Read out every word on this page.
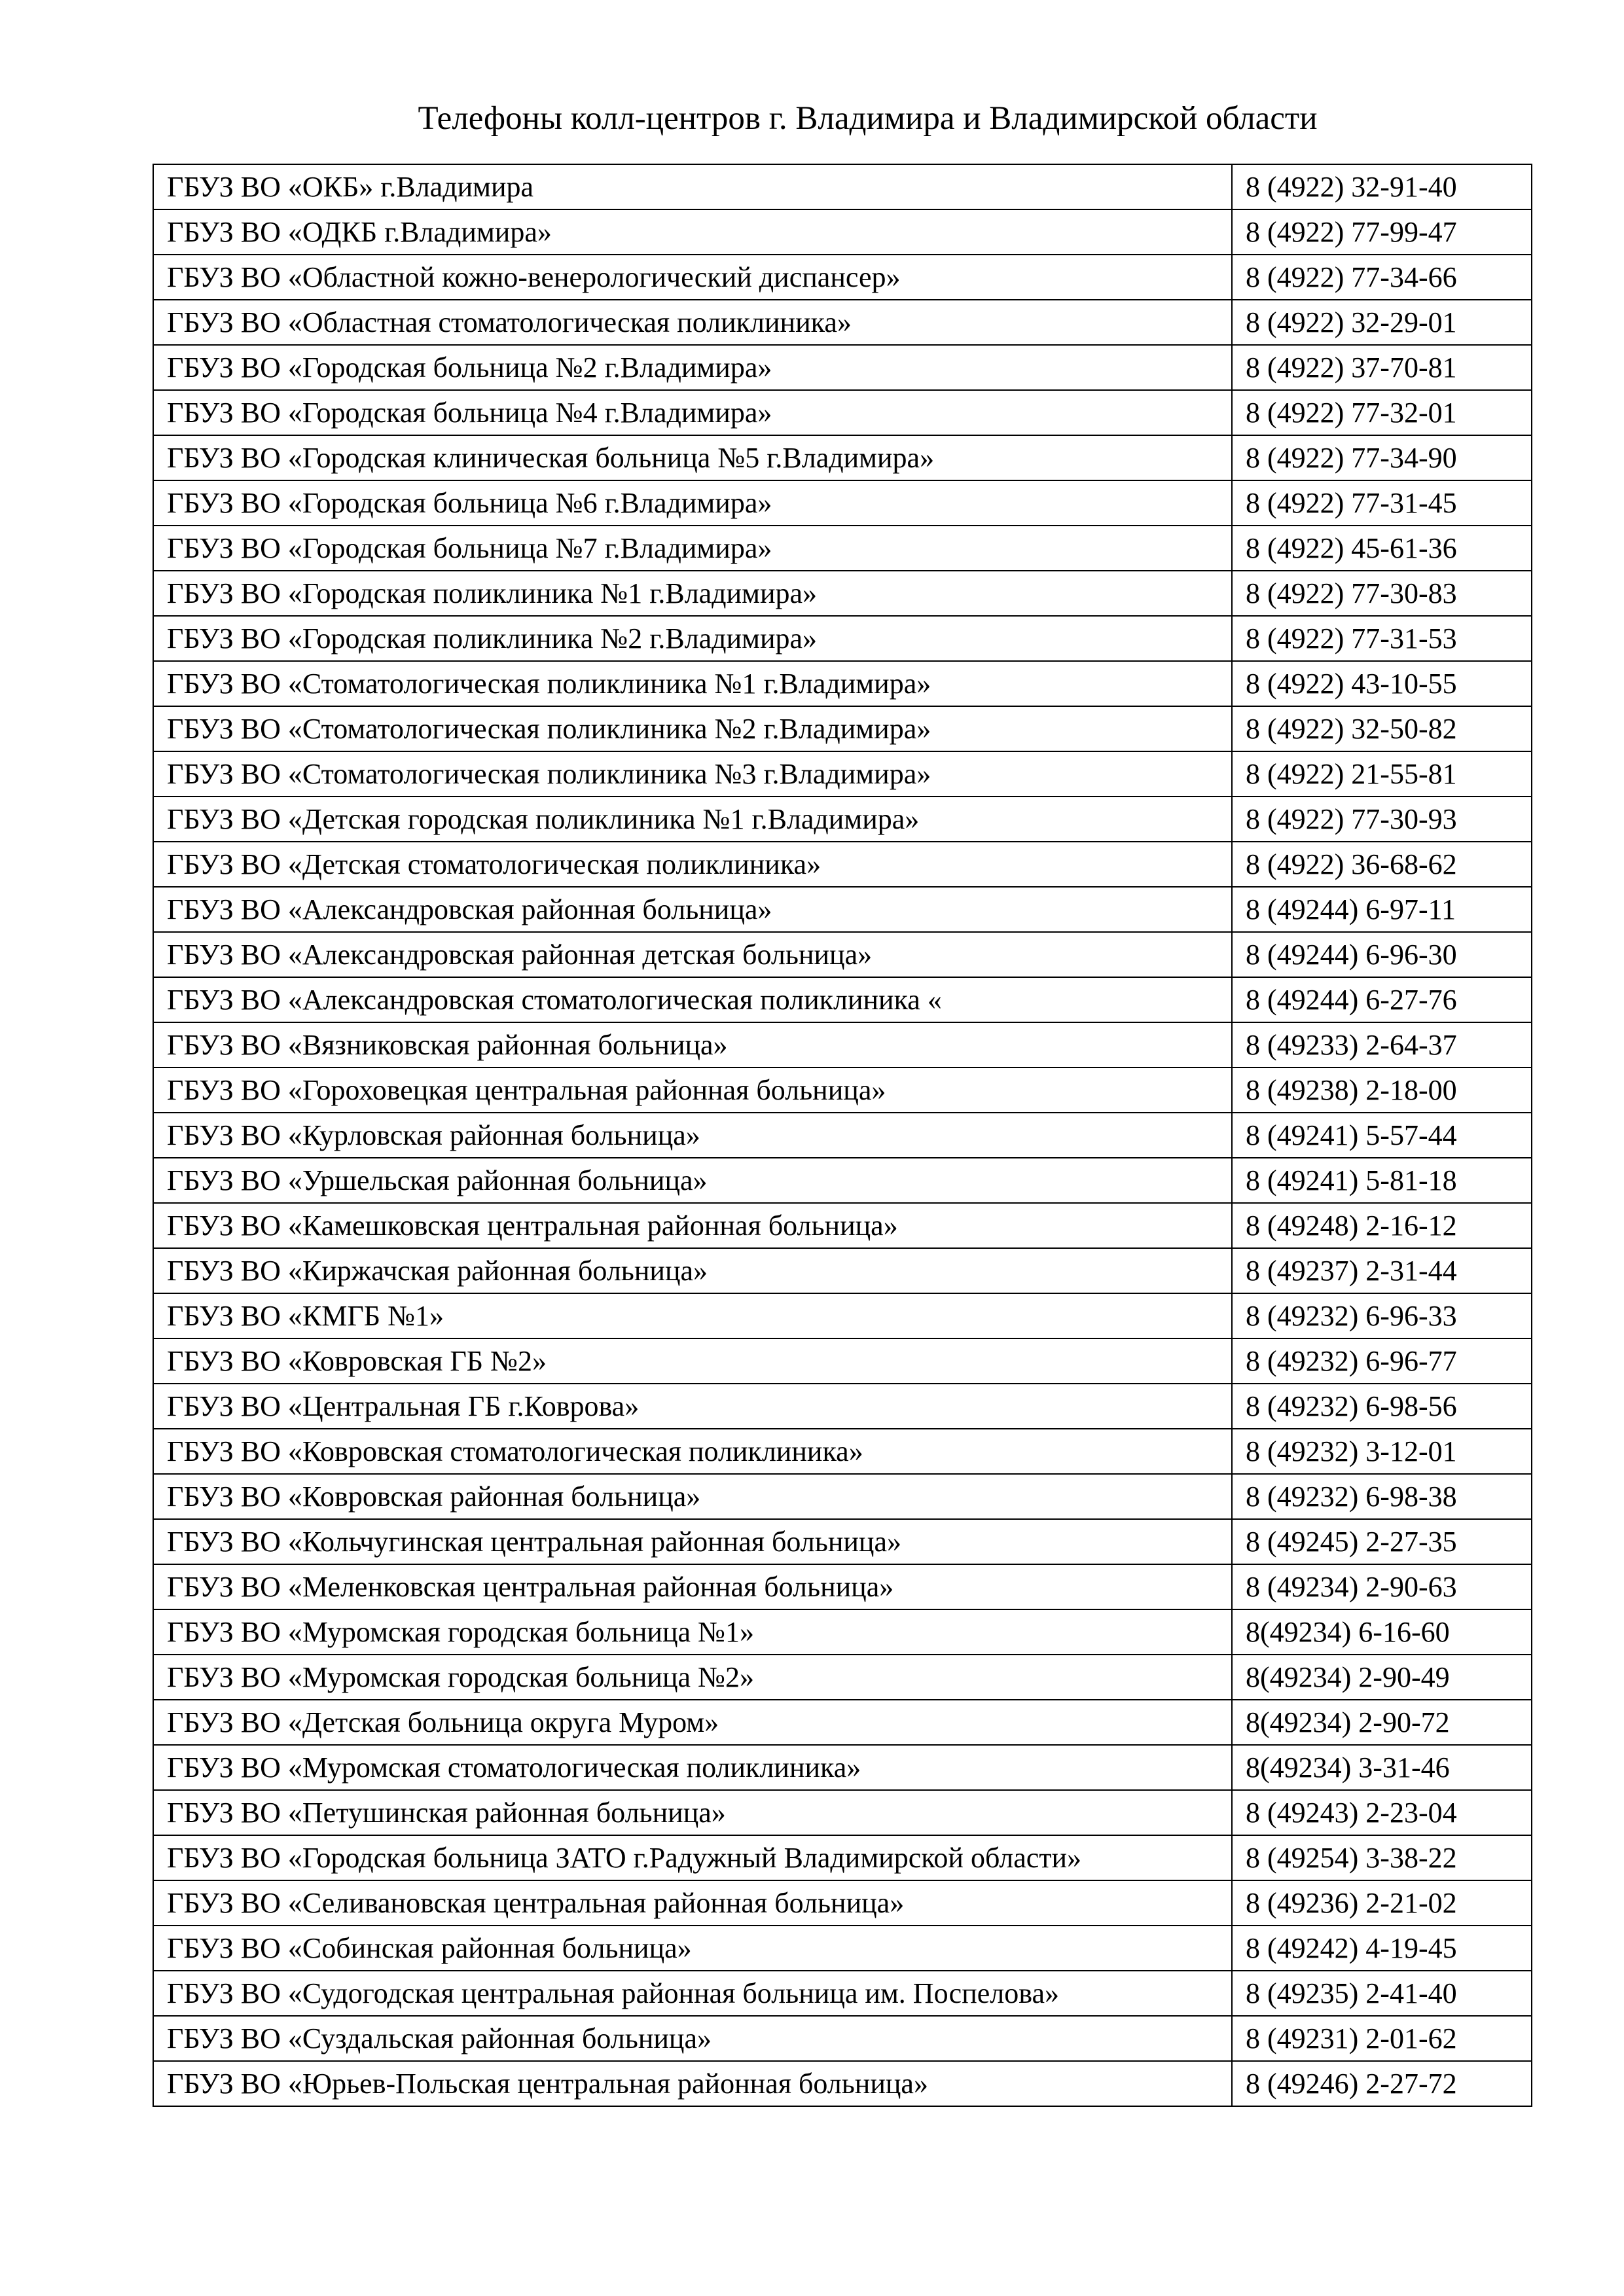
Телефоны колл-центров г. Владимира и Владимирской области
ГБУЗ ВО «ОКБ» г.Владимира	8 (4922) 32-91-40
ГБУЗ ВО «ОДКБ г.Владимира»	8 (4922) 77-99-47
ГБУЗ ВО «Областной кожно-венерологический диспансер»	8 (4922) 77-34-66
ГБУЗ ВО «Областная стоматологическая поликлиника»	8 (4922) 32-29-01
ГБУЗ ВО «Городская больница №2 г.Владимира»	8 (4922) 37-70-81
ГБУЗ ВО «Городская больница №4 г.Владимира»	8 (4922) 77-32-01
ГБУЗ ВО «Городская клиническая больница №5 г.Владимира»	8 (4922) 77-34-90
ГБУЗ ВО «Городская больница №6 г.Владимира»	8 (4922) 77-31-45
ГБУЗ ВО «Городская больница №7 г.Владимира»	8 (4922) 45-61-36
ГБУЗ ВО «Городская поликлиника №1 г.Владимира»	8 (4922) 77-30-83
ГБУЗ ВО «Городская поликлиника №2 г.Владимира»	8 (4922) 77-31-53
ГБУЗ ВО «Стоматологическая поликлиника №1 г.Владимира»	8 (4922) 43-10-55
ГБУЗ ВО «Стоматологическая поликлиника №2 г.Владимира»	8 (4922) 32-50-82
ГБУЗ ВО «Стоматологическая поликлиника №3 г.Владимира»	8 (4922) 21-55-81
ГБУЗ ВО «Детская городская поликлиника №1 г.Владимира»	8 (4922) 77-30-93
ГБУЗ ВО «Детская стоматологическая поликлиника»	8 (4922) 36-68-62
ГБУЗ ВО «Александровская районная больница»	8 (49244) 6-97-11
ГБУЗ ВО «Александровская районная детская больница»	8 (49244) 6-96-30
ГБУЗ ВО «Александровская стоматологическая поликлиника «	8 (49244) 6-27-76
ГБУЗ ВО «Вязниковская районная больница»	8 (49233) 2-64-37
ГБУЗ ВО «Гороховецкая центральная районная больница»	8 (49238) 2-18-00
ГБУЗ ВО «Курловская районная больница»	8 (49241) 5-57-44
ГБУЗ ВО «Уршельская районная больница»	8 (49241) 5-81-18
ГБУЗ ВО «Камешковская центральная районная больница»	8 (49248) 2-16-12
ГБУЗ ВО «Киржачская районная больница»	8 (49237) 2-31-44
ГБУЗ ВО «КМГБ №1»	8 (49232) 6-96-33
ГБУЗ ВО «Ковровская ГБ №2»	8 (49232) 6-96-77
ГБУЗ ВО «Центральная ГБ г.Коврова»	8 (49232) 6-98-56
ГБУЗ ВО «Ковровская стоматологическая поликлиника»	8 (49232) 3-12-01
ГБУЗ ВО «Ковровская районная больница»	8 (49232) 6-98-38
ГБУЗ ВО «Кольчугинская центральная районная больница»	8 (49245) 2-27-35
ГБУЗ ВО «Меленковская центральная районная больница»	8 (49234) 2-90-63
ГБУЗ ВО «Муромская городская больница №1»	8(49234) 6-16-60
ГБУЗ ВО «Муромская городская больница №2»	8(49234) 2-90-49
ГБУЗ ВО «Детская больница округа Муром»	8(49234) 2-90-72
ГБУЗ ВО «Муромская стоматологическая поликлиника»	8(49234) 3-31-46
ГБУЗ ВО «Петушинская районная больница»	8 (49243) 2-23-04
ГБУЗ ВО «Городская больница ЗАТО г.Радужный Владимирской области»	8 (49254) 3-38-22
ГБУЗ ВО «Селивановская центральная районная больница»	8 (49236) 2-21-02
ГБУЗ ВО «Собинская районная больница»	8 (49242) 4-19-45
ГБУЗ ВО «Судогодская центральная районная больница им. Поспелова»	8 (49235) 2-41-40
ГБУЗ ВО «Суздальская районная больница»	8 (49231) 2-01-62
ГБУЗ ВО «Юрьев-Польская центральная районная больница»	8 (49246) 2-27-72
